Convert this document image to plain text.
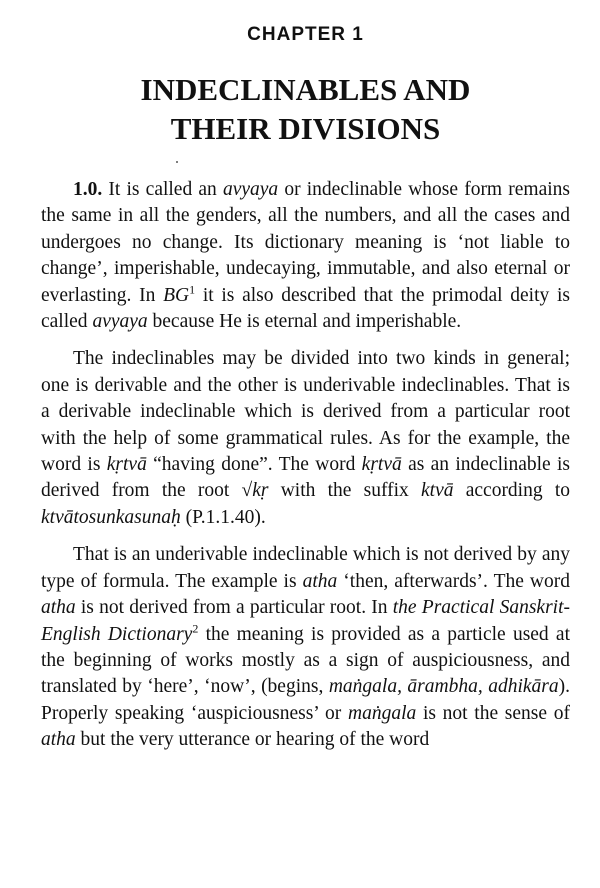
CHAPTER 1
INDECLINABLES AND
THEIR DIVISIONS

1.0. It is called an avyaya or indeclinable whose form remains the same in all the genders, all the numbers, and all the cases and undergoes no change. Its dictionary meaning is ‘not liable to change’, imperishable, undecaying, immutable, and also eternal or everlasting. In $BG^1$ it is also described that the primodal deity is called avyaya because He is eternal and imperishable.

The indeclinables may be divided into two kinds in general; one is derivable and the other is underivable indeclinables. That is a derivable indeclinable which is derived from a particular root with the help of some grammatical rules. As for the example, the word is kṛtvā “having done”. The word kṛtvā as an indeclinable is derived from the root √kṛ with the suffix ktvā according to ktvātosunkasunaḥ (P.1.1.40).

That is an underivable indeclinable which is not derived by any type of formula. The example is atha ‘then, afterwards’. The word atha is not derived from a particular root. In the Practical Sanskrit-English Dictionary$^2$ the meaning is provided as a particle used at the beginning of works mostly as a sign of auspiciousness, and translated by ‘here’, ‘now’, (begins, maṅgala, ārambha, adhikāra). Properly speaking ‘auspiciousness’ or maṅgala is not the sense of atha but the very utterance or hearing of the word
